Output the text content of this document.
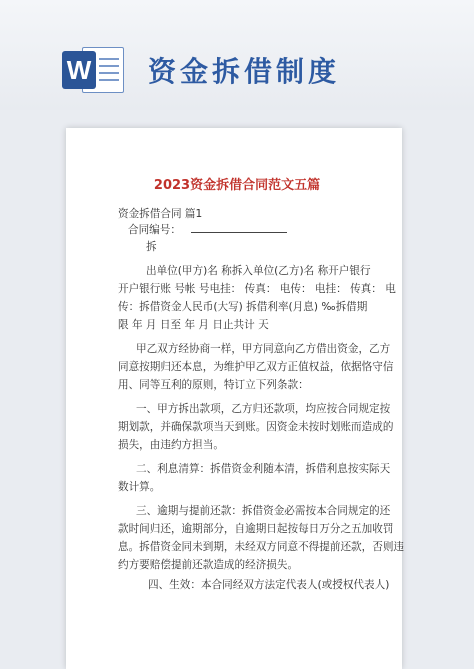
W 资金拆借制度
2023资金拆借合同范文五篇
资金拆借合同 篇1
合同编号：
拆
出单位(甲方)名 称拆入单位(乙方)名 称开户银行
开户银行账 号帐 号电挂： 传真： 电传： 电挂： 传真： 电
传：拆借资金人民币(大写) 拆借利率(月息) ‰拆借期
限 年 月 日至 年 月 日止共计 天
甲乙双方经协商一样，甲方同意向乙方借出资金，乙方
同意按期归还本息，为维护甲乙双方正值权益，依据恪守信
用、同等互利的原则，特订立下列条款：
一、甲方拆出款项，乙方归还款项，均应按合同规定按
期划款，并确保款项当天到账。因资金未按时划账而造成的
损失，由违约方担当。
二、利息清算：拆借资金利随本清，拆借利息按实际天
数计算。
三、逾期与提前还款：拆借资金必需按本合同规定的还
款时间归还，逾期部分，自逾期日起按每日万分之五加收罚
息。拆借资金同未到期，未经双方同意不得提前还款，否则违
约方要赔偿提前还款造成的经济损失。
四、生效：本合同经双方法定代表人(或授权代表人)
